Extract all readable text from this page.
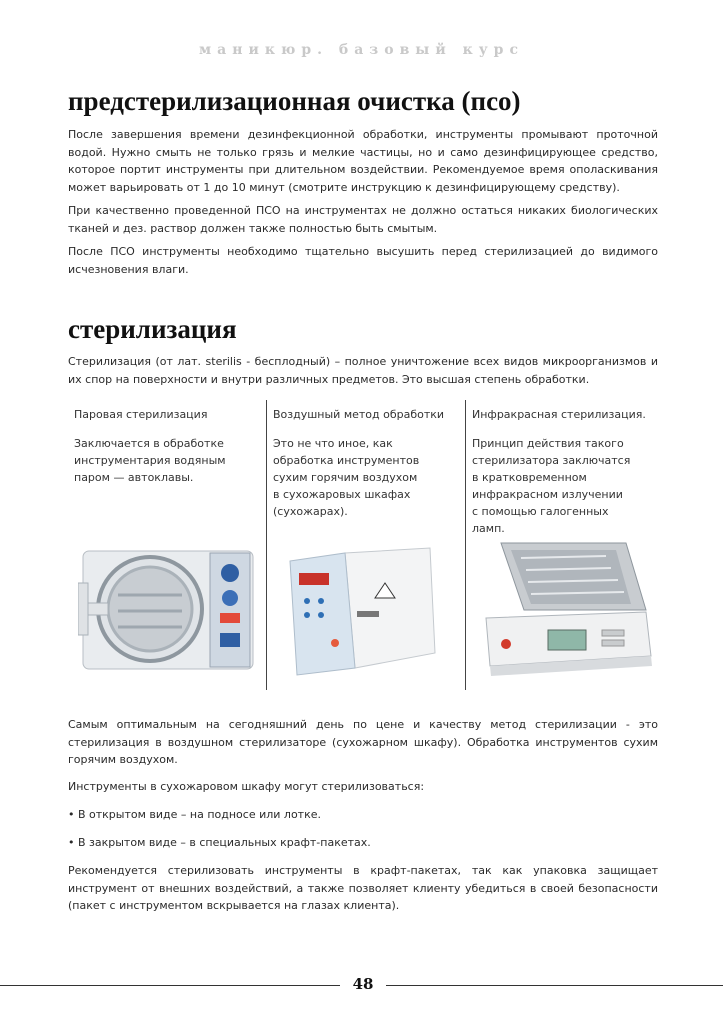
маникюр. базовый курс
предстерилизационная очистка (псо)

После завершения времени дезинфекционной обработки, инструменты промывают проточной водой. Нужно смыть не только грязь и мелкие частицы, но и само дезинфицирующее средство, которое портит инструменты при длительном воздействии. Рекомендуемое время ополаскивания может варьировать от 1 до 10 минут (смотрите инструкцию к дезинфицирующему средству).

При качественно проведенной ПСО на инструментах не должно остаться никаких биологических тканей и дез. раствор должен также полностью быть смытым.

После ПСО инструменты необходимо тщательно высушить перед стерилизацией до видимого исчезновения влаги.

стерилизация

Стерилизация (от лат. sterilis - бесплодный) – полное уничтожение всех видов микроорганизмов и их спор на поверхности и внутри различных предметов. Это высшая степень обработки.

Паровая стерилизация
Заключается в обработке инструментария водяным паром — автоклавы.
Воздушный метод обработки
Это не что иное, как обработка инструментов сухим горячим воздухом в сухожаровых шкафах (сухожарах).
Инфракрасная стерилизация.
Принцип действия такого стерилизатора заключатся в кратковременном инфракрасном излучении с помощью галогенных ламп.

Самым оптимальным на сегодняшний день по цене и качеству метод стерилизации - это стерилизация в воздушном стерилизаторе (сухожарном шкафу). Обработка инструментов сухим горячим воздухом.

Инструменты в сухожаровом шкафу могут стерилизоваться:

• В открытом виде – на подносе или лотке.

• В закрытом виде – в специальных крафт-пакетах.

Рекомендуется стерилизовать инструменты в крафт-пакетах, так как упаковка защищает инструмент от внешних воздействий, а также позволяет клиенту убедиться в своей безопасности (пакет с инструментом вскрывается на глазах клиента).

48
